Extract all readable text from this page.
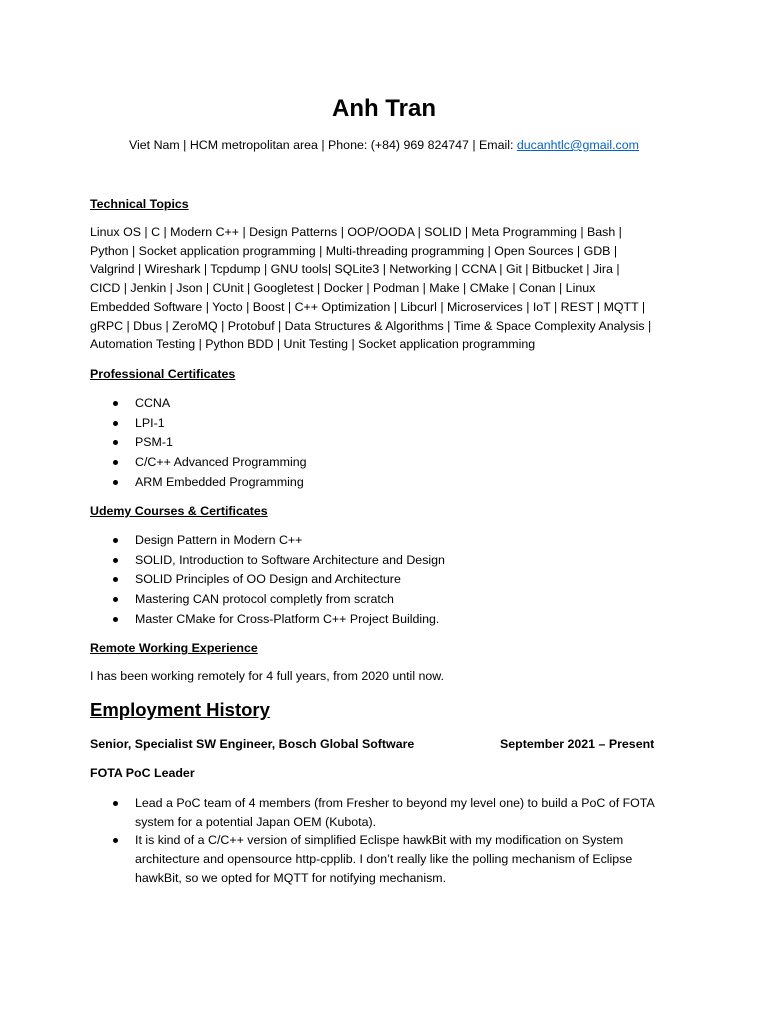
Anh Tran
Viet Nam | HCM metropolitan area | Phone: (+84) 969 824747 | Email: ducanhtlc@gmail.com
Technical Topics
Linux OS | C | Modern C++ | Design Patterns | OOP/OODA | SOLID | Meta Programming | Bash |
Python | Socket application programming | Multi-threading programming | Open Sources | GDB |
Valgrind | Wireshark | Tcpdump | GNU tools| SQLite3 | Networking | CCNA | Git | Bitbucket | Jira |
CICD | Jenkin | Json | CUnit | Googletest | Docker | Podman | Make | CMake | Conan | Linux
Embedded Software | Yocto | Boost | C++ Optimization | Libcurl | Microservices | IoT | REST | MQTT |
gRPC | Dbus | ZeroMQ | Protobuf | Data Structures & Algorithms | Time & Space Complexity Analysis |
Automation Testing | Python BDD | Unit Testing | Socket application programming
Professional Certificates
CCNA
LPI-1
PSM-1
C/C++ Advanced Programming
ARM Embedded Programming
Udemy Courses & Certificates
Design Pattern in Modern C++
SOLID, Introduction to Software Architecture and Design
SOLID Principles of OO Design and Architecture
Mastering CAN protocol completly from scratch
Master CMake for Cross-Platform C++ Project Building.
Remote Working Experience
I has been working remotely for 4 full years, from 2020 until now.
Employment History
Senior, Specialist SW Engineer, Bosch Global Software	September 2021 – Present
FOTA PoC Leader
Lead a PoC team of 4 members (from Fresher to beyond my level one) to build a PoC of FOTA
system for a potential Japan OEM (Kubota).
It is kind of a C/C++ version of simplified Eclispe hawkBit with my modification on System
architecture and opensource http-cpplib. I don’t really like the polling mechanism of Eclipse
hawkBit, so we opted for MQTT for notifying mechanism.
